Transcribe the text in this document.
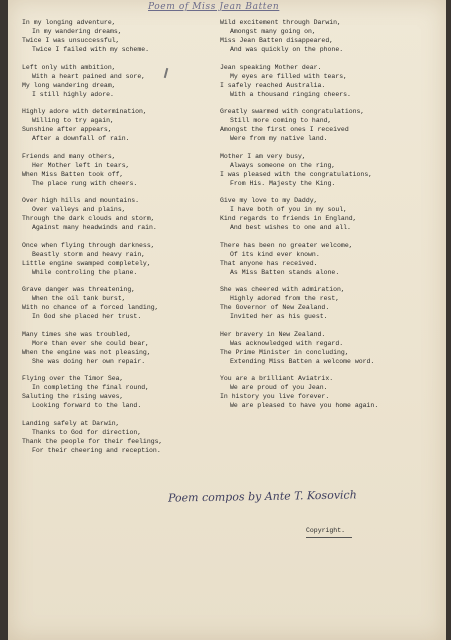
Poem of Miss Jean Batten
In my longing adventure,
In my wandering dreams,
Twice I was unsuccessful,
Twice I failed with my scheme.
Left only with ambition,
With a heart pained and sore,
My long wandering dream,
I still highly adore.
Highly adore with determination,
Willing to try again,
Sunshine after appears,
After a downfall of rain.
Friends and many others,
Her Mother left in tears,
When Miss Batten took off,
The place rung with cheers.
Over high hills and mountains.
Over valleys and plains,
Through the dark clouds and storm,
Against many headwinds and rain.
Once when flying through darkness,
Beastly storm and heavy rain,
Little engine swamped completely,
While controling the plane.
Grave danger was threatening,
When the oil tank burst,
With no chance of a forced landing,
In God she placed her trust.
Many times she was troubled,
More than ever she could bear,
When the engine was not pleasing,
She was doing her own repair.
Flying over the Timor Sea,
In completing the final round,
Saluting the rising waves,
Looking forward to the land.
Landing safely at Darwin,
Thanks to God for direction,
Thank the people for their feelings,
For their cheering and reception.
Wild excitement through Darwin,
Amongst many going on,
Miss Jean Batten disappeared,
And was quickly on the phone.
Jean speaking Mother dear.
My eyes are filled with tears,
I safely reached Australia.
With a thousand ringing cheers.
Greatly swarmed with congratulations,
Still more coming to hand,
Amongst the first ones I received
Were from my native land.
Mother I am very busy,
Always someone on the ring,
I was pleased with the congratulations,
From His. Majesty the King.
Give my love to my Daddy,
I have both of you in my soul,
Kind regards to friends in England,
And best wishes to one and all.
There has been no greater welcome,
Of its kind ever known.
That anyone has received.
As Miss Batten stands alone.
She was cheered with admiration,
Highly adored from the rest,
The Governor of New Zealand.
Invited her as his guest.
Her bravery in New Zealand.
Was acknowledged with regard.
The Prime Minister in concluding,
Extending Miss Batten a welcome word.
You are a brilliant Aviatrix.
We are proud of you Jean.
In history you live forever.
We are pleased to have you home again.
Poem compos by Ante T. Kosovich
Copyright.
